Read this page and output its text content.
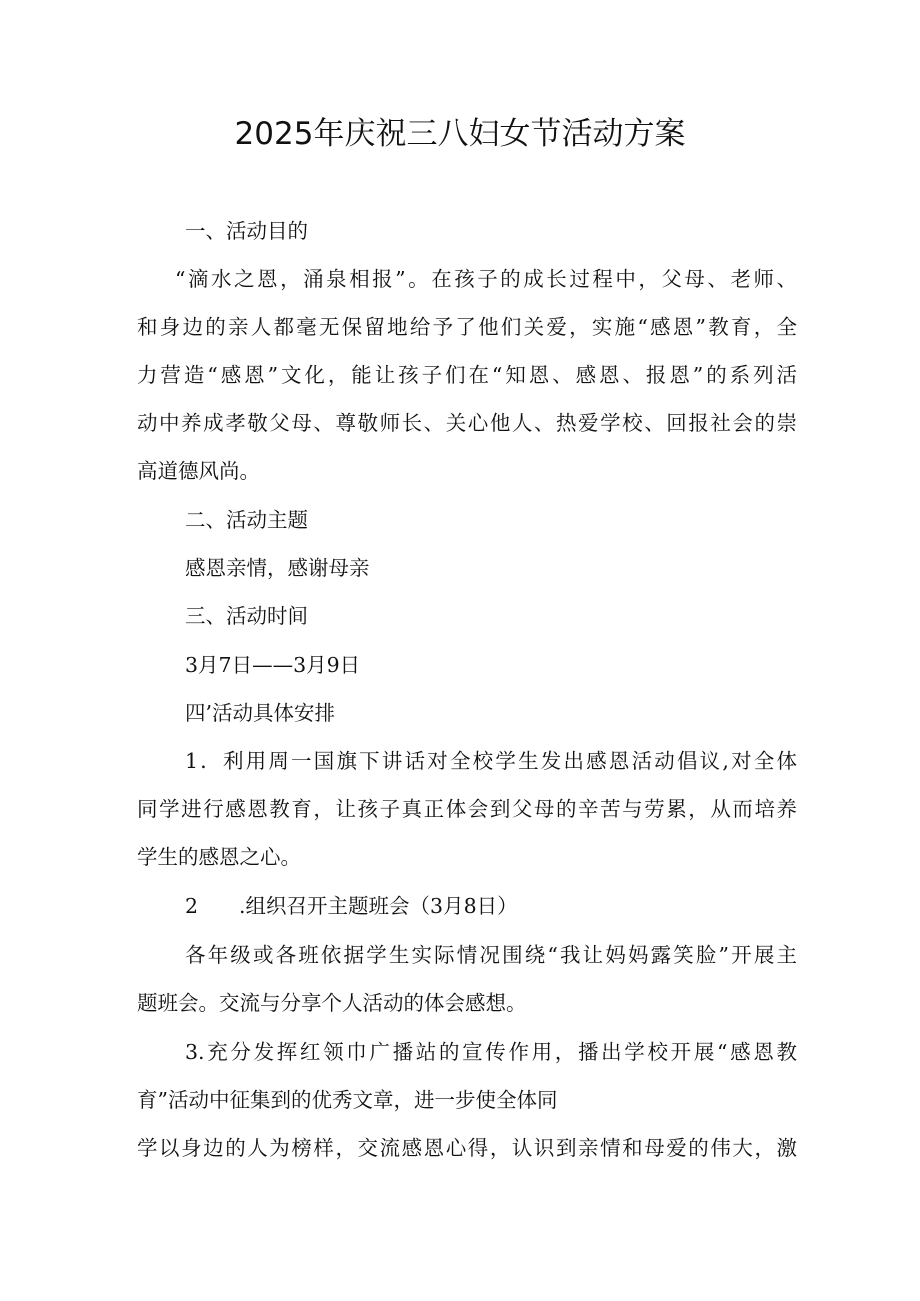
2025年庆祝三八妇女节活动方案

一、活动目的

“滴水之恩，涌泉相报”。在孩子的成长过程中，父母、老师、

和身边的亲人都毫无保留地给予了他们关爱，实施“感恩”教育，全

力营造“感恩”文化，能让孩子们在“知恩、感恩、报恩”的系列活

动中养成孝敬父母、尊敬师长、关心他人、热爱学校、回报社会的崇

高道德风尚。

二、活动主题

感恩亲情，感谢母亲

三、活动时间

3月7日——3月9日

四’活动具体安排

1．利用周一国旗下讲话对全校学生发出感恩活动倡议,对全体

同学进行感恩教育，让孩子真正体会到父母的辛苦与劳累，从而培养

学生的感恩之心。

2　　.组织召开主题班会（3月8日）

各年级或各班依据学生实际情况围绕“我让妈妈露笑脸”开展主

题班会。交流与分享个人活动的体会感想。

3.充分发挥红领巾广播站的宣传作用，播出学校开展“感恩教

育”活动中征集到的优秀文章，进一步使全体同

学以身边的人为榜样，交流感恩心得，认识到亲情和母爱的伟大，激
